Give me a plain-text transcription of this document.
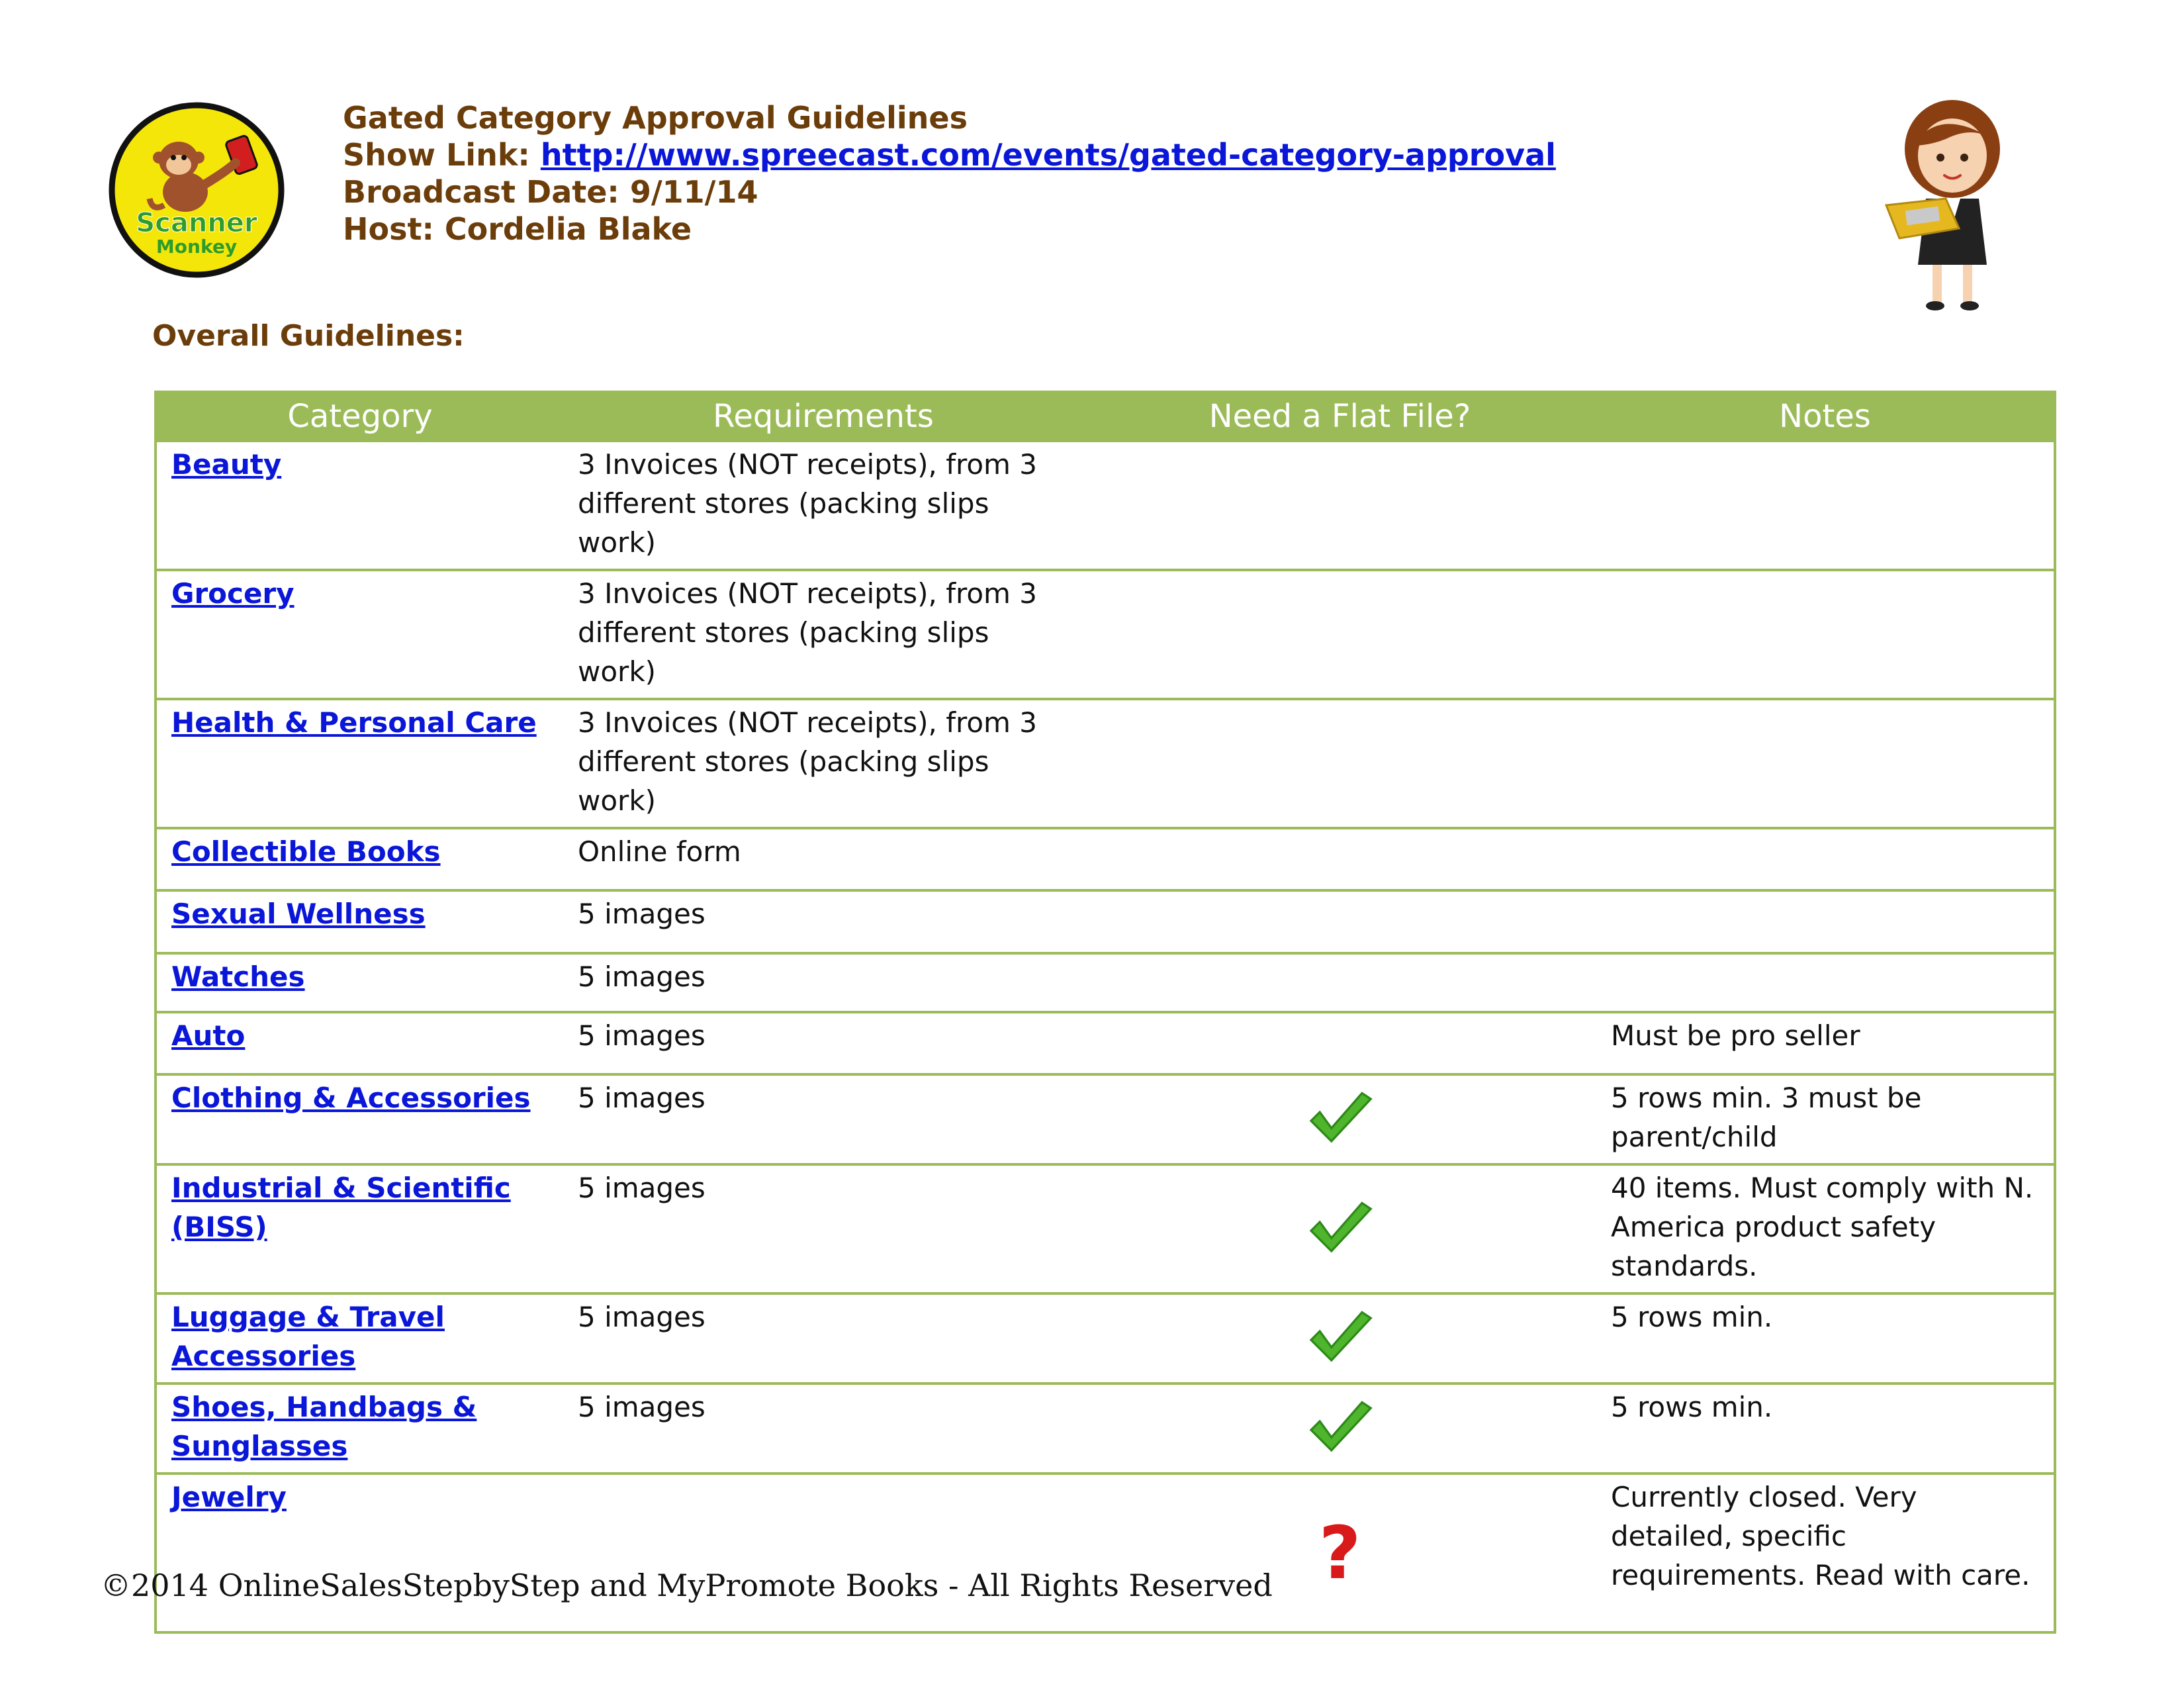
Scanner
Monkey
Gated Category Approval Guidelines
Show Link: http://www.spreecast.com/events/gated-category-approval
Broadcast Date: 9/11/14
Host: Cordelia Blake
Overall Guidelines:
Category	Requirements	Need a Flat File?	Notes
Beauty	3 Invoices (NOT receipts), from 3 different stores (packing slips work)		
Grocery	3 Invoices (NOT receipts), from 3 different stores (packing slips work)		
Health & Personal Care	3 Invoices (NOT receipts), from 3 different stores (packing slips work)		
Collectible Books	Online form		
Sexual Wellness	5 images		
Watches	5 images		
Auto	5 images		Must be pro seller
Clothing & Accessories	5 images		5 rows min. 3 must be parent/child
Industrial & Scientific (BISS)	5 images		40 items. Must comply with N. America product safety standards.
Luggage & Travel Accessories	5 images		5 rows min.
Shoes, Handbags & Sunglasses	5 images		5 rows min.
Jewelry		?	Currently closed. Very detailed, specific requirements. Read with care.
©2014 OnlineSalesStepbyStep and MyPromote Books - All Rights Reserved
